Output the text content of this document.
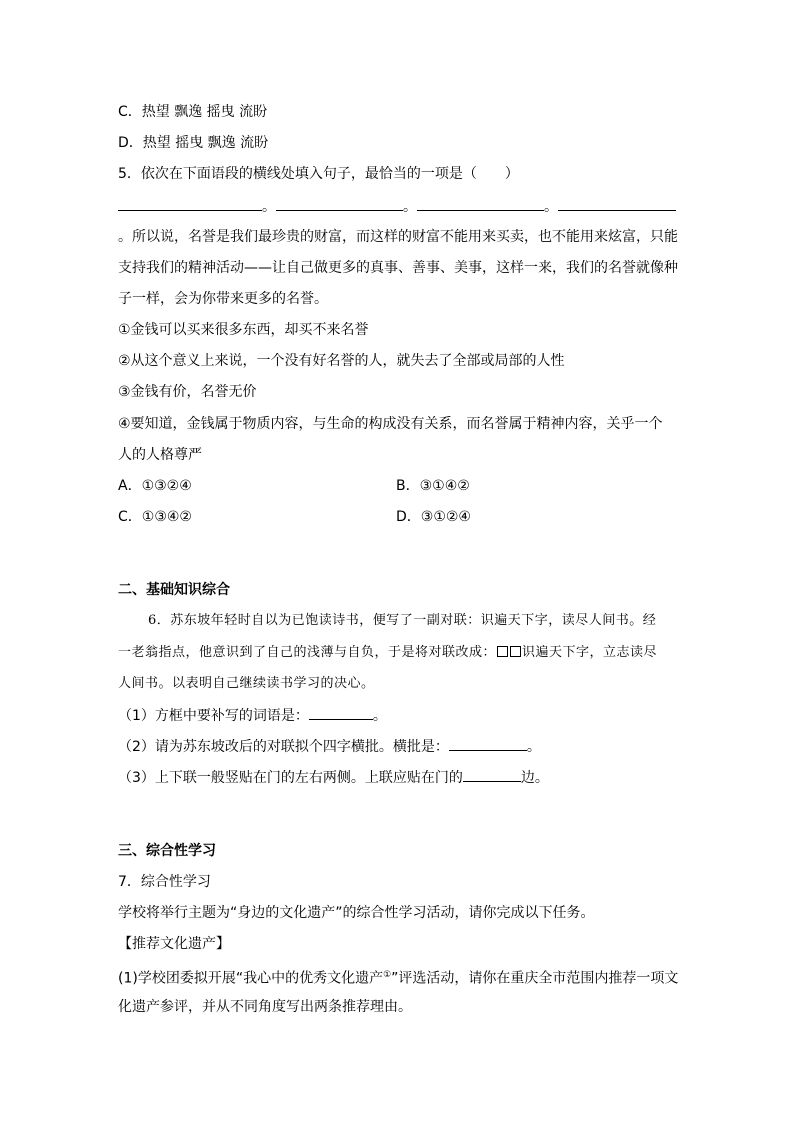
C．热望 飘逸 摇曳 流盼
D．热望 摇曳 飘逸 流盼
5．依次在下面语段的横线处填入句子，最恰当的一项是（　　）
。	。	。
。所以说，名誉是我们最珍贵的财富，而这样的财富不能用来买卖，也不能用来炫富，只能
支持我们的精神活动——让自己做更多的真事、善事、美事，这样一来，我们的名誉就像种
子一样，会为你带来更多的名誉。
①金钱可以买来很多东西，却买不来名誉
②从这个意义上来说，一个没有好名誉的人，就失去了全部或局部的人性
③金钱有价，名誉无价
④要知道，金钱属于物质内容，与生命的构成没有关系，而名誉属于精神内容，关乎一个
人的人格尊严
A．①③②④	B．③①④②
C．①③④②	D．③①②④
二、基础知识综合
6．苏东坡年轻时自以为已饱读诗书，便写了一副对联：识遍天下字，读尽人间书。经
一老翁指点，他意识到了自己的浅薄与自负，于是将对联改成： 识遍天下字，立志读尽
人间书。以表明自己继续读书学习的决心。
（1）方框中要补写的词语是：	。
（2）请为苏东坡改后的对联拟个四字横批。横批是：	。
（3）上下联一般竖贴在门的左右两侧。上联应贴在门的	边。
三、综合性学习
7．综合性学习
学校将举行主题为“身边的文化遗产”的综合性学习活动，请你完成以下任务。
【推荐文化遗产】
(1)学校团委拟开展“我心中的优秀文化遗产①”评选活动，请你在重庆全市范围内推荐一项文
化遗产参评，并从不同角度写出两条推荐理由。
